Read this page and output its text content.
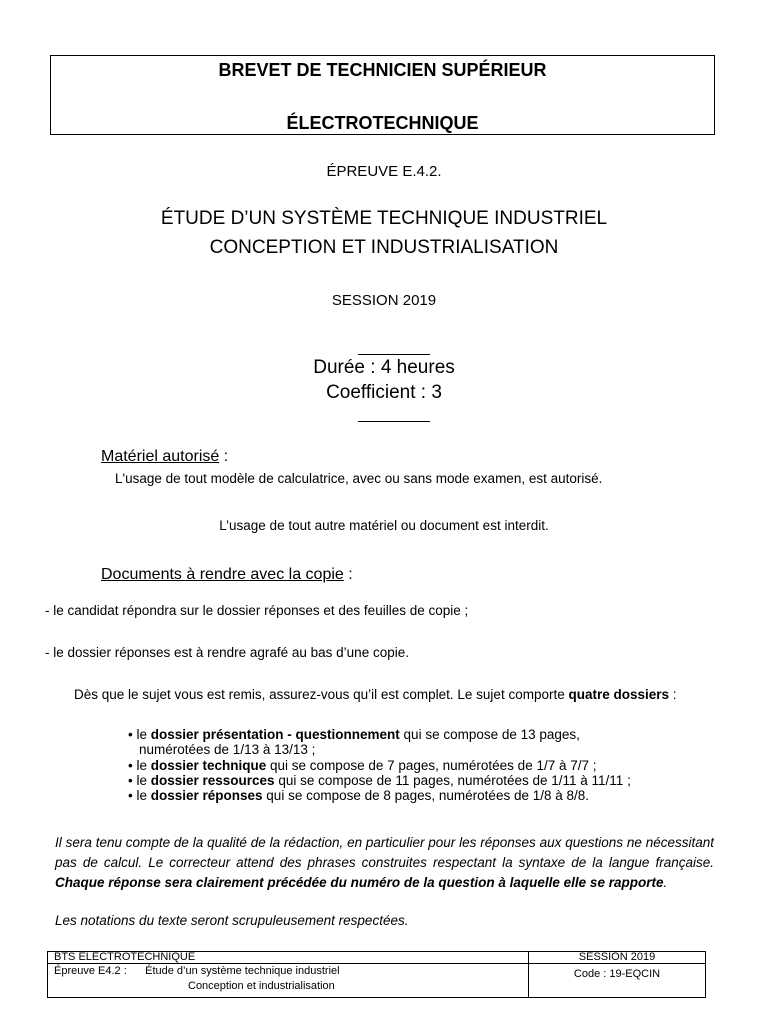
BREVET DE TECHNICIEN SUPÉRIEUR
ÉLECTROTECHNIQUE
ÉPREUVE E.4.2.
ÉTUDE D’UN SYSTÈME TECHNIQUE INDUSTRIEL
CONCEPTION ET INDUSTRIALISATION
SESSION 2019
Durée : 4 heures
Coefficient : 3
Matériel autorisé :
L'usage de tout modèle de calculatrice, avec ou sans mode examen, est autorisé.
L’usage de tout autre matériel ou document est interdit.
Documents à rendre avec la copie :
- le candidat répondra sur le dossier réponses et des feuilles de copie ;
- le dossier réponses est à rendre agrafé au bas d’une copie.
Dès que le sujet vous est remis, assurez-vous qu’il est complet. Le sujet comporte quatre dossiers :
• le dossier présentation - questionnement qui se compose de 13 pages,
numérotées de 1/13 à 13/13 ;
• le dossier technique qui se compose de 7 pages, numérotées de 1/7 à 7/7 ;
• le dossier ressources qui se compose de 11 pages, numérotées de 1/11 à 11/11 ;
• le dossier réponses qui se compose de 8 pages, numérotées de 1/8 à 8/8.
Il sera tenu compte de la qualité de la rédaction, en particulier pour les réponses aux questions ne nécessitant pas de calcul. Le correcteur attend des phrases construites respectant la syntaxe de la langue française. Chaque réponse sera clairement précédée du numéro de la question à laquelle elle se rapporte.
Les notations du texte seront scrupuleusement respectées.
BTS ELECTROTECHNIQUE	SESSION 2019
Épreuve E4.2 : Étude d’un système technique industriel
Conception et industrialisation	Code : 19-EQCIN
